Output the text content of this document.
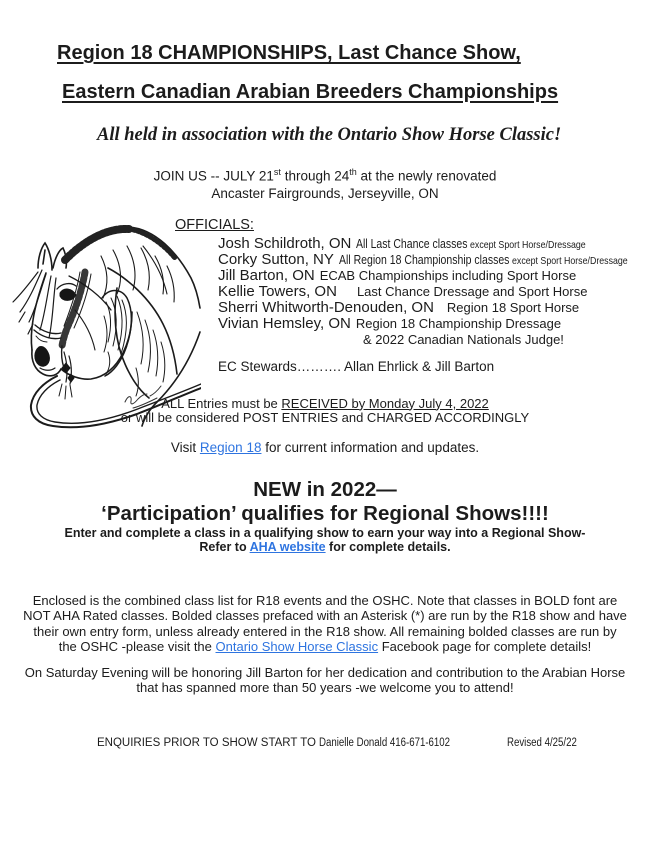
Region 18 CHAMPIONSHIPS, Last Chance Show,
Eastern Canadian Arabian Breeders Championships
All held in association with the Ontario Show Horse Classic!
JOIN US -- JULY 21st through 24th at the newly renovated
Ancaster Fairgrounds, Jerseyville, ON
OFFICIALS:
Josh Schildroth, ON All Last Chance classes except Sport Horse/Dressage
Corky Sutton, NY All Region 18 Championship classes except Sport Horse/Dressage
Jill Barton, ON ECAB Championships including Sport Horse
Kellie Towers, ON Last Chance Dressage and Sport Horse
Sherri Whitworth-Denouden, ON Region 18 Sport Horse
Vivian Hemsley, ON Region 18 Championship Dressage
& 2022 Canadian Nationals Judge!
EC Stewards………. Allan Ehrlick & Jill Barton
ALL Entries must be RECEIVED by Monday July 4, 2022
or will be considered POST ENTRIES and CHARGED ACCORDINGLY
Visit Region 18 for current information and updates.
NEW in 2022—
‘Participation’ qualifies for Regional Shows!!!!
Enter and complete a class in a qualifying show to earn your way into a Regional Show-
Refer to AHA website for complete details.
Enclosed is the combined class list for R18 events and the OSHC. Note that classes in BOLD font are NOT AHA Rated classes. Bolded classes prefaced with an Asterisk (*) are run by the R18 show and have their own entry form, unless already entered in the R18 show. All remaining bolded classes are run by the OSHC -please visit the Ontario Show Horse Classic Facebook page for complete details!
On Saturday Evening will be honoring Jill Barton for her dedication and contribution to the Arabian Horse that has spanned more than 50 years -we welcome you to attend!
ENQUIRIES PRIOR TO SHOW START TO Danielle Donald 416-671-6102	Revised 4/25/22
